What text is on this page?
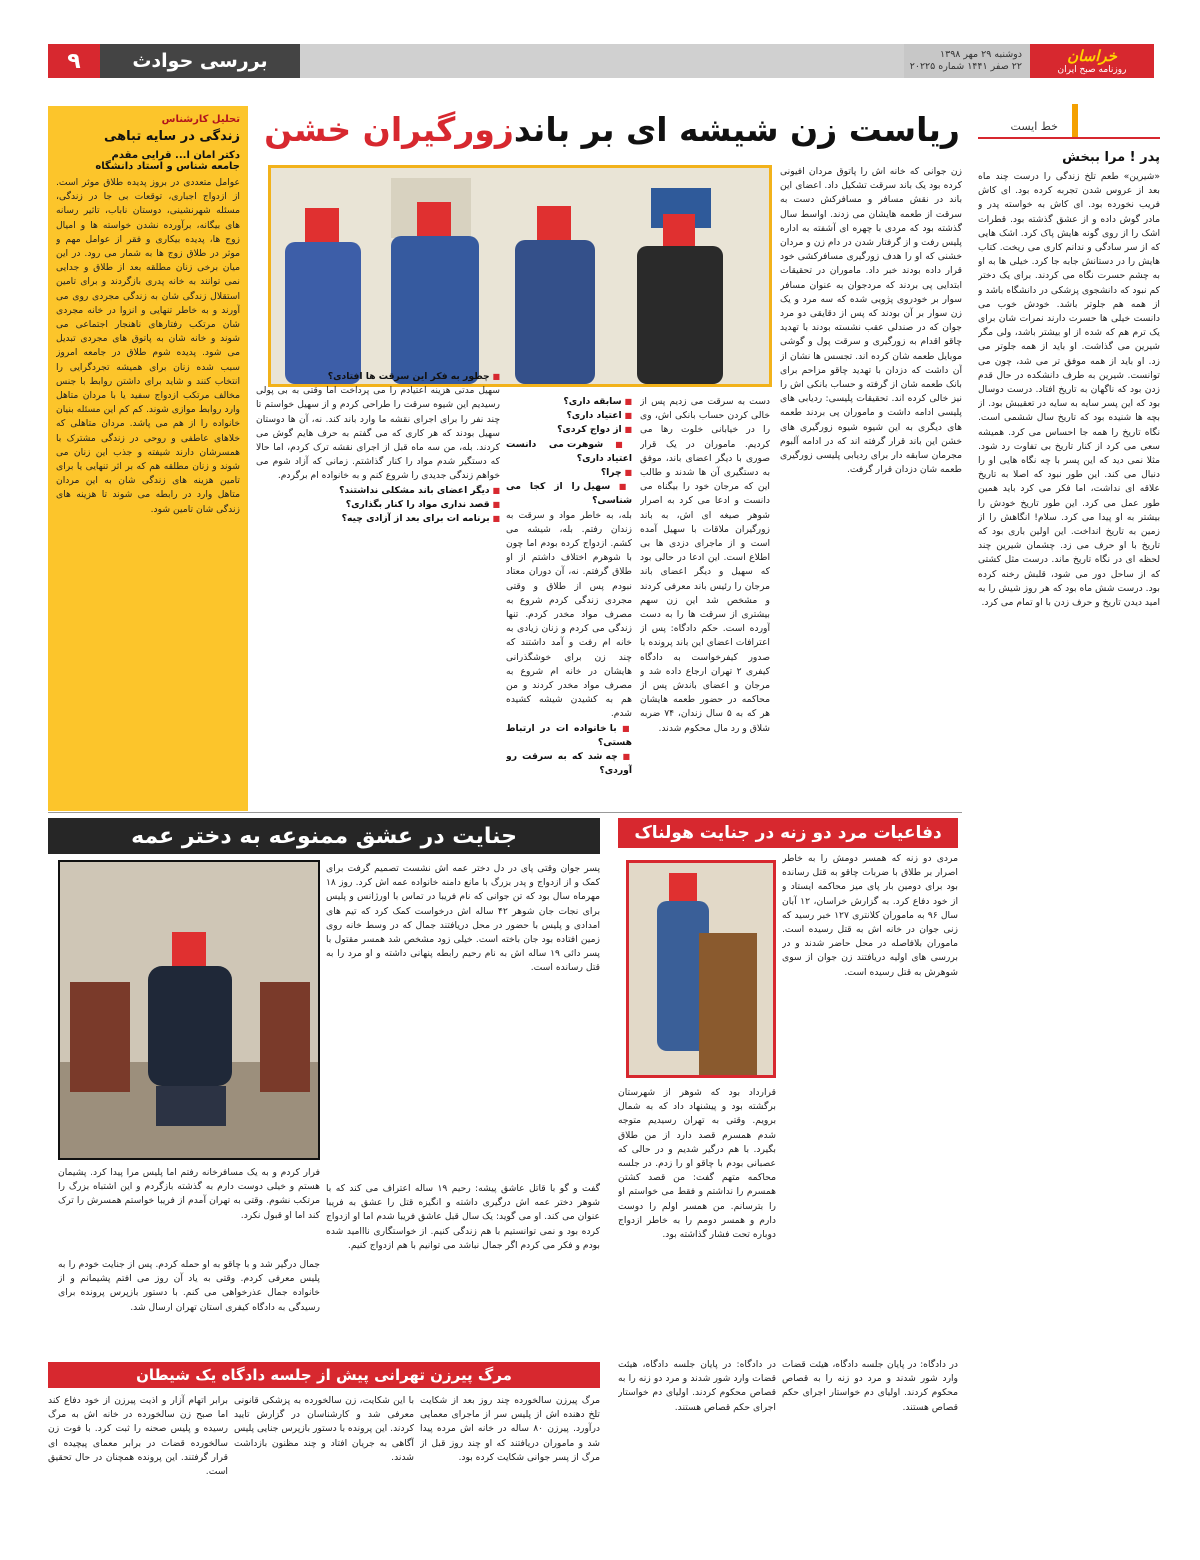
خراسان
روزنامه صبح ایران
دوشنبه ۲۹ مهر ۱۳۹۸
۲۲ صفر ۱۴۴۱ شماره ۲۰۲۲۵
بررسی حوادث
۹
خط ایست
پدر ! مرا ببخش
«شیرین» طعم تلخ زندگی را درست چند ماه بعد از عروس شدن تجربه کرده بود. ای کاش فریب نخورده بود. ای کاش به خواسته پدر و مادر گوش داده و از عشق گذشته بود. قطرات اشک را از روی گونه هایش پاک کرد. اشک هایی که از سر سادگی و ندانم کاری می ریخت. کتاب هایش را در دستانش جابه جا کرد. خیلی ها به او به چشم حسرت نگاه می کردند. برای یک دختر کم نبود که دانشجوی پزشکی در دانشگاه باشد و از همه هم جلوتر باشد. خودش خوب می دانست خیلی ها حسرت دارند نمرات شان برای یک ترم هم که شده از او بیشتر باشد، ولی مگر شیرین می گذاشت. او باید از همه جلوتر می زد. او باید از همه موفق تر می شد، چون می توانست. شیرین به طرف دانشکده در حال قدم زدن بود که ناگهان به تاریخ افتاد. درست دوسال بود که این پسر سایه به سایه در تعقیبش بود. از بچه ها شنیده بود که تاریخ سال ششمی است. نگاه تاریخ را همه جا احساس می کرد. همیشه سعی می کرد از کنار تاریخ بی تفاوت رد شود. مثلا نمی دید که این پسر با چه نگاه هایی او را دنبال می کند. این طور نبود که اصلا به تاریخ علاقه ای نداشت، اما فکر می کرد باید همین طور عمل می کرد. این طور تاریخ خودش را بیشتر به او پیدا می کرد. سلام! انگاهش را از زمین به تاریخ انداخت. این اولین باری بود که تاریخ با او حرف می زد. چشمان شیرین چند لحظه ای در نگاه تاریخ ماند. درست مثل کشتی که از ساحل دور می شود، قلبش رخنه کرده بود. درست شش ماه بود که هر روز شیش را به امید دیدن تاریخ و حرف زدن با او تمام می کرد.
تحلیل کارشناس
زندگی در سایه تباهی
دکتر امان ا... قرایی مقدم
جامعه شناس و استاد دانشگاه
عوامل متعددی در بروز پدیده طلاق موثر است. از ازدواج اجباری، توقعات بی جا در زندگی، مسئله شهرنشینی، دوستان ناباب، تاثیر رسانه های بیگانه، برآورده نشدن خواسته ها و امیال زوج ها، پدیده بیکاری و فقر از عوامل مهم و موثر در طلاق زوج ها به شمار می رود. در این میان برخی زنان مطلقه بعد از طلاق و جدایی نمی توانند به خانه پدری بازگردند و برای تامین استقلال زندگی شان به زندگی مجردی روی می آورند و به خاطر تنهایی و انزوا در خانه مجردی شان مرتکب رفتارهای ناهنجار اجتماعی می شوند و خانه شان به پاتوق های مجردی تبدیل می شود. پدیده شوم طلاق در جامعه امروز سبب شده زنان برای همیشه تجردگرایی را انتخاب کنند و شاید برای داشتن روابط با جنس مخالف مرتکب ازدواج سفید یا با مردان متاهل وارد روابط موازی شوند. کم کم این مسئله بنیان خانواده را از هم می پاشد. مردان متاهلی که خلاهای عاطفی و روحی در زندگی مشترک با همسرشان دارند شیفته و جذب این زنان می شوند و زنان مطلقه هم که بر اثر تنهایی یا برای تامین هزینه های زندگی شان به این مردان متاهل وارد در رابطه می شوند تا هزینه های زندگی شان تامین شود.
ریاست زن شیشه ای بر باندزورگیران خشن
زن جوانی که خانه اش را پاتوق مردان افیونی کرده بود یک باند سرقت تشکیل داد. اعضای این باند در نقش مسافر و مسافرکش دست به سرقت از طعمه هایشان می زدند. اواسط سال گذشته بود که مردی با چهره ای آشفته به اداره پلیس رفت و از گرفتار شدن در دام زن و مردان خشنی که او را هدف زورگیری مسافرکشی خود قرار داده بودند خبر داد. ماموران در تحقیقات ابتدایی پی بردند که مردجوان به عنوان مسافر سوار بر خودروی پژویی شده که سه مرد و یک زن سوار بر آن بودند که پس از دقایقی دو مرد جوان که در صندلی عقب نشسته بودند با تهدید چاقو اقدام به زورگیری و سرقت پول و گوشی موبایل طعمه شان کرده اند. تجسس ها نشان از آن داشت که دزدان با تهدید چاقو مزاحم برای بانک طعمه شان از گرفته و حساب بانکی اش را نیز خالی کرده اند. تحقیقات پلیسی: ردیابی های پلیسی ادامه داشت و ماموران پی بردند طعمه های دیگری به این شیوه شیوه زورگیری های خشن این باند قرار گرفته اند که در ادامه آلبوم مجرمان سابقه دار برای ردیابی پلیسی زورگیری طعمه شان دزدان قرار گرفت.
دست به سرقت می زدیم پس از خالی کردن حساب بانکی اش، وی را در خیابانی خلوت رها می کردیم. ماموران در یک قرار صوری با دیگر اعضای باند، موفق به دستگیری آن ها شدند و طالب این که مرجان خود را بیگناه می دانست و ادعا می کرد به اصرار شوهر صیغه ای اش، به باند زورگیران ملاقات با سهیل آمده است و از ماجرای دزدی ها بی اطلاع است. این ادعا در حالی بود که سهیل و دیگر اعضای باند مرجان را رئیس باند معرفی کردند و مشخص شد این زن سهم بیشتری از سرقت ها را به دست آورده است. حکم دادگاه: پس از اعترافات اعضای این باند پرونده با صدور کیفرخواست به دادگاه کیفری ۲ تهران ارجاع داده شد و مرجان و اعضای باندش پس از محاکمه در حضور طعمه هایشان هر که به ۵ سال زندان، ۷۴ ضربه شلاق و رد مال محکوم شدند.
■ سابقه داری؟
■ اعتیاد داری؟
■ از دواج کردی؟
■ شوهرت می دانست اعتیاد داری؟
■ چرا؟
■ سهیل را از کجا می شناسی؟
بله، به خاطر مواد و سرقت به زندان رفتم. بله، شیشه می کشم. ازدواج کرده بودم اما چون با شوهرم اختلاف داشتم از او طلاق گرفتم. نه، آن دوران معتاد نبودم پس از طلاق و وقتی مجردی زندگی کردم شروع به مصرف مواد مخدر کردم. تنها زندگی می کردم و زنان زیادی به خانه ام رفت و آمد داشتند که چند زن برای خوشگذرانی هایشان در خانه ام شروع به مصرف مواد مخدر کردند و من هم به کشیدن شیشه کشیده شدم.
■ با خانواده ات در ارتباط هستی؟
■ چه شد که به سرقت رو آوردی؟
■ چطور به فکر این سرقت ها افتادی؟
سهیل مدتی هزینه اعتیادم را می پرداخت اما وقتی به بی پولی رسیدیم این شیوه سرقت را طراحی کردم و از سهیل خواستم تا چند نفر را برای اجرای نقشه ما وارد باند کند. نه، آن ها دوستان سهیل بودند که هر کاری که می گفتم به حرف هایم گوش می کردند. بله، من سه ماه قبل از اجرای نقشه ترک کردم، اما حالا که دستگیر شدم مواد را کنار گذاشتم. زمانی که آزاد شوم می خواهم زندگی جدیدی را شروع کنم و به خانواده ام برگردم.
■ دیگر اعضای باند مشکلی نداشتند؟
■ قصد نداری مواد را کنار بگذاری؟
■ برنامه ات برای بعد از آزادی چیه؟
جنایت در عشق ممنوعه به دختر عمه
پسر جوان وقتی پای در دل دختر عمه اش نشست تصمیم گرفت برای کمک و از ازدواج و پدر بزرگ با مانع دامنه خانواده عمه اش کرد. روز ۱۸ مهرماه سال بود که تن جوانی که نام فریبا در تماس با اورژانس و پلیس برای نجات جان شوهر ۴۲ ساله اش درخواست کمک کرد که تیم های امدادی و پلیس با حضور در محل دریافتند جمال که در وسط خانه روی زمین افتاده بود جان باخته است. خیلی زود مشخص شد همسر مقتول با پسر دائی ۱۹ ساله اش به نام رحیم رابطه پنهانی داشته و او مرد را به قتل رسانده است.
گفت و گو با قاتل عاشق پیشه: رحیم ۱۹ ساله اعتراف می کند که با شوهر دختر عمه اش درگیری داشته و انگیزه قتل را عشق به فریبا عنوان می کند. او می گوید: یک سال قبل عاشق فریبا شدم اما او ازدواج کرده بود و نمی توانستیم با هم زندگی کنیم. از خواستگاری نااامید شده بودم و فکر می کردم اگر جمال نباشد می توانیم با هم ازدواج کنیم.
فرار کردم و به یک مسافرخانه رفتم اما پلیس مرا پیدا کرد. پشیمان هستم و خیلی دوست دارم به گذشته بازگردم و این اشتباه بزرگ را مرتکب نشوم. وقتی به تهران آمدم از فریبا خواستم همسرش را ترک کند اما او قبول نکرد.
جمال درگیر شد و با چاقو به او حمله کردم. پس از جنایت خودم را به پلیس معرفی کردم. وقتی به یاد آن روز می افتم پشیمانم و از خانواده جمال عذرخواهی می کنم. با دستور بازپرس پرونده برای رسیدگی به دادگاه کیفری استان تهران ارسال شد.
دفاعیات مرد دو زنه در جنایت هولناک
مردی دو زنه که همسر دومش را به خاطر اصرار بر طلاق با ضربات چاقو به قتل رسانده بود برای دومین بار پای میز محاکمه ایستاد و از خود دفاع کرد. به گزارش خراسان، ۱۲ آبان سال ۹۶ به ماموران کلانتری ۱۲۷ خبر رسید که زنی جوان در خانه اش به قتل رسیده است. ماموران بلافاصله در محل حاضر شدند و در بررسی های اولیه دریافتند زن جوان از سوی شوهرش به قتل رسیده است.
قرارداد بود که شوهر از شهرستان برگشته بود و پیشنهاد داد که به شمال برویم. وقتی به تهران رسیدیم متوجه شدم همسرم قصد دارد از من طلاق بگیرد. با هم درگیر شدیم و در حالی که عصبانی بودم با چاقو او را زدم. در جلسه محاکمه متهم گفت: من قصد کشتن همسرم را نداشتم و فقط می خواستم او را بترسانم. من همسر اولم را دوست دارم و همسر دومم را به خاطر ازدواج دوباره تحت فشار گذاشته بود.
در دادگاه: در پایان جلسه دادگاه، هیئت قضات وارد شور شدند و مرد دو زنه را به قصاص محکوم کردند. اولیای دم خواستار اجرای حکم قصاص هستند.
مرگ پیرزن تهرانی پیش از جلسه دادگاه یک شیطان
مرگ پیرزن سالخورده چند روز بعد از شکایت تلخ دهنده اش از پلیس سر از ماجرای معمایی درآورد. پیرزن ۸۰ ساله در خانه اش مرده پیدا شد و ماموران دریافتند که او چند روز قبل از مرگ از پسر جوانی شکایت کرده بود.
با این شکایت، زن سالخورده به پزشکی قانونی معرفی شد و کارشناسان در گزارش تایید کردند. این پرونده با دستور بازپرس جنایی پلیس آگاهی به جریان افتاد و چند مظنون بازداشت شدند.
برابر اتهام آزار و اذیت پیرزن از خود دفاع کند اما صبح زن سالخورده در خانه اش به مرگ رسیده و پلیس صحنه را ثبت کرد. با فوت زن سالخورده قضات در برابر معمای پیچیده ای قرار گرفتند. این پرونده همچنان در حال تحقیق است.
در دادگاه: در پایان جلسه دادگاه، هیئت قضات وارد شور شدند و مرد دو زنه را به قصاص محکوم کردند. اولیای دم خواستار اجرای حکم قصاص هستند.
